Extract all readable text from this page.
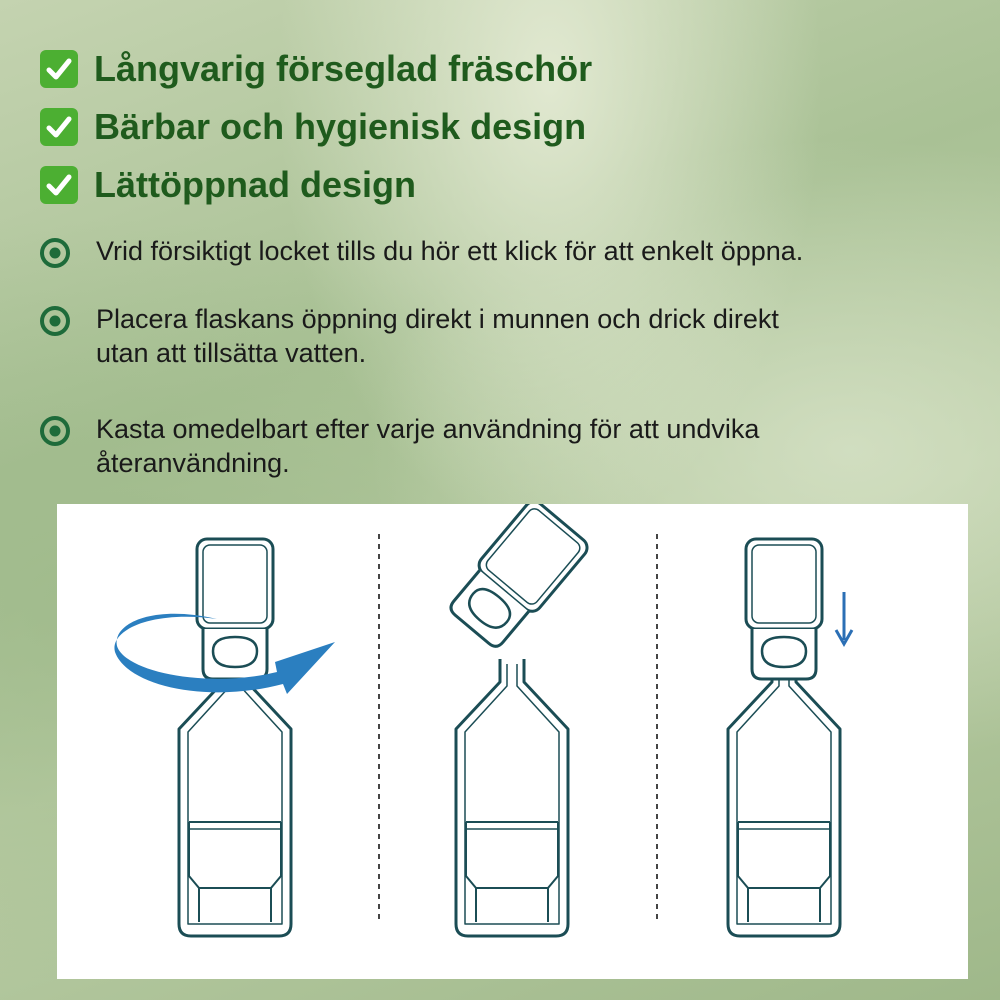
Långvarig förseglad fräschör
Bärbar och hygienisk design
Lättöppnad design
Vrid försiktigt locket tills du hör ett klick för att enkelt öppna.
Placera flaskans öppning direkt i munnen och drick direkt utan att tillsätta vatten.
Kasta omedelbart efter varje användning för att undvika återanvändning.
